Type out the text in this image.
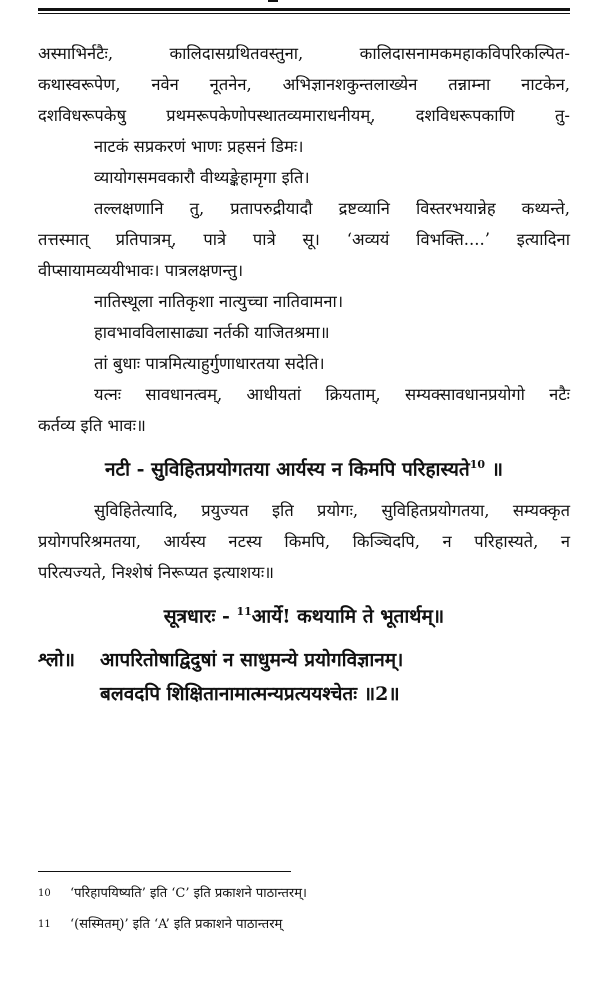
अस्माभिर्नटैः, कालिदासग्रथितवस्तुना, कालिदासनामकमहाकविपरिकल्पित-

कथास्वरूपेण, नवेन नूतनेन, अभिज्ञानशकुन्तलाख्येन तन्नाम्ना नाटकेन,

दशविधरूपकेषु प्रथमरूपकेणोपस्थातव्यमाराधनीयम्, दशविधरूपकाणि तु-

नाटकं सप्रकरणं भाणः प्रहसनं डिमः।

व्यायोगसमवकारौ वीथ्यङ्केहामृगा इति।

तल्लक्षणानि तु, प्रतापरुद्रीयादौ द्रष्टव्यानि विस्तरभयान्नेह कथ्यन्ते,

तत्तस्मात् प्रतिपात्रम्, पात्रे पात्रे सू। ‘अव्ययं विभक्ति....’ इत्यादिना

वीप्सायामव्ययीभावः। पात्रलक्षणन्तु।

नातिस्थूला नातिकृशा नात्युच्चा नातिवामना।

हावभावविलासाढ्या नर्तकी याजितश्रमा॥

तां बुधाः पात्रमित्याहुर्गुणाधारतया सदेति।

यत्नः सावधानत्वम्, आधीयतां क्रियताम्, सम्यक्सावधानप्रयोगो नटैः

कर्तव्य इति भावः॥

नटी - सुविहितप्रयोगतया आर्यस्य न किमपि परिहास्यते$^{10}$ ॥

सुविहितेत्यादि, प्रयुज्यत इति प्रयोगः, सुविहितप्रयोगतया, सम्यक्कृत

प्रयोगपरिश्रमतया, आर्यस्य नटस्य किमपि, किञ्चिदपि, न परिहास्यते, न

परित्यज्यते, निश्शेषं निरूप्यत इत्याशयः॥

सूत्रधारः - $^{11}$आर्ये! कथयामि ते भूतार्थम्॥

श्लो॥ आपरितोषाद्विदुषां न साधुमन्ये प्रयोगविज्ञानम्।

बलवदपि शिक्षितानामात्मन्यप्रत्ययश्चेतः ॥2॥

10 ‘परिहापयिष्यति’ इति ‘C’ इति प्रकाशने पाठान्तरम्।
11 ‘(सस्मितम्)’ इति ‘A’ इति प्रकाशने पाठान्तरम्
